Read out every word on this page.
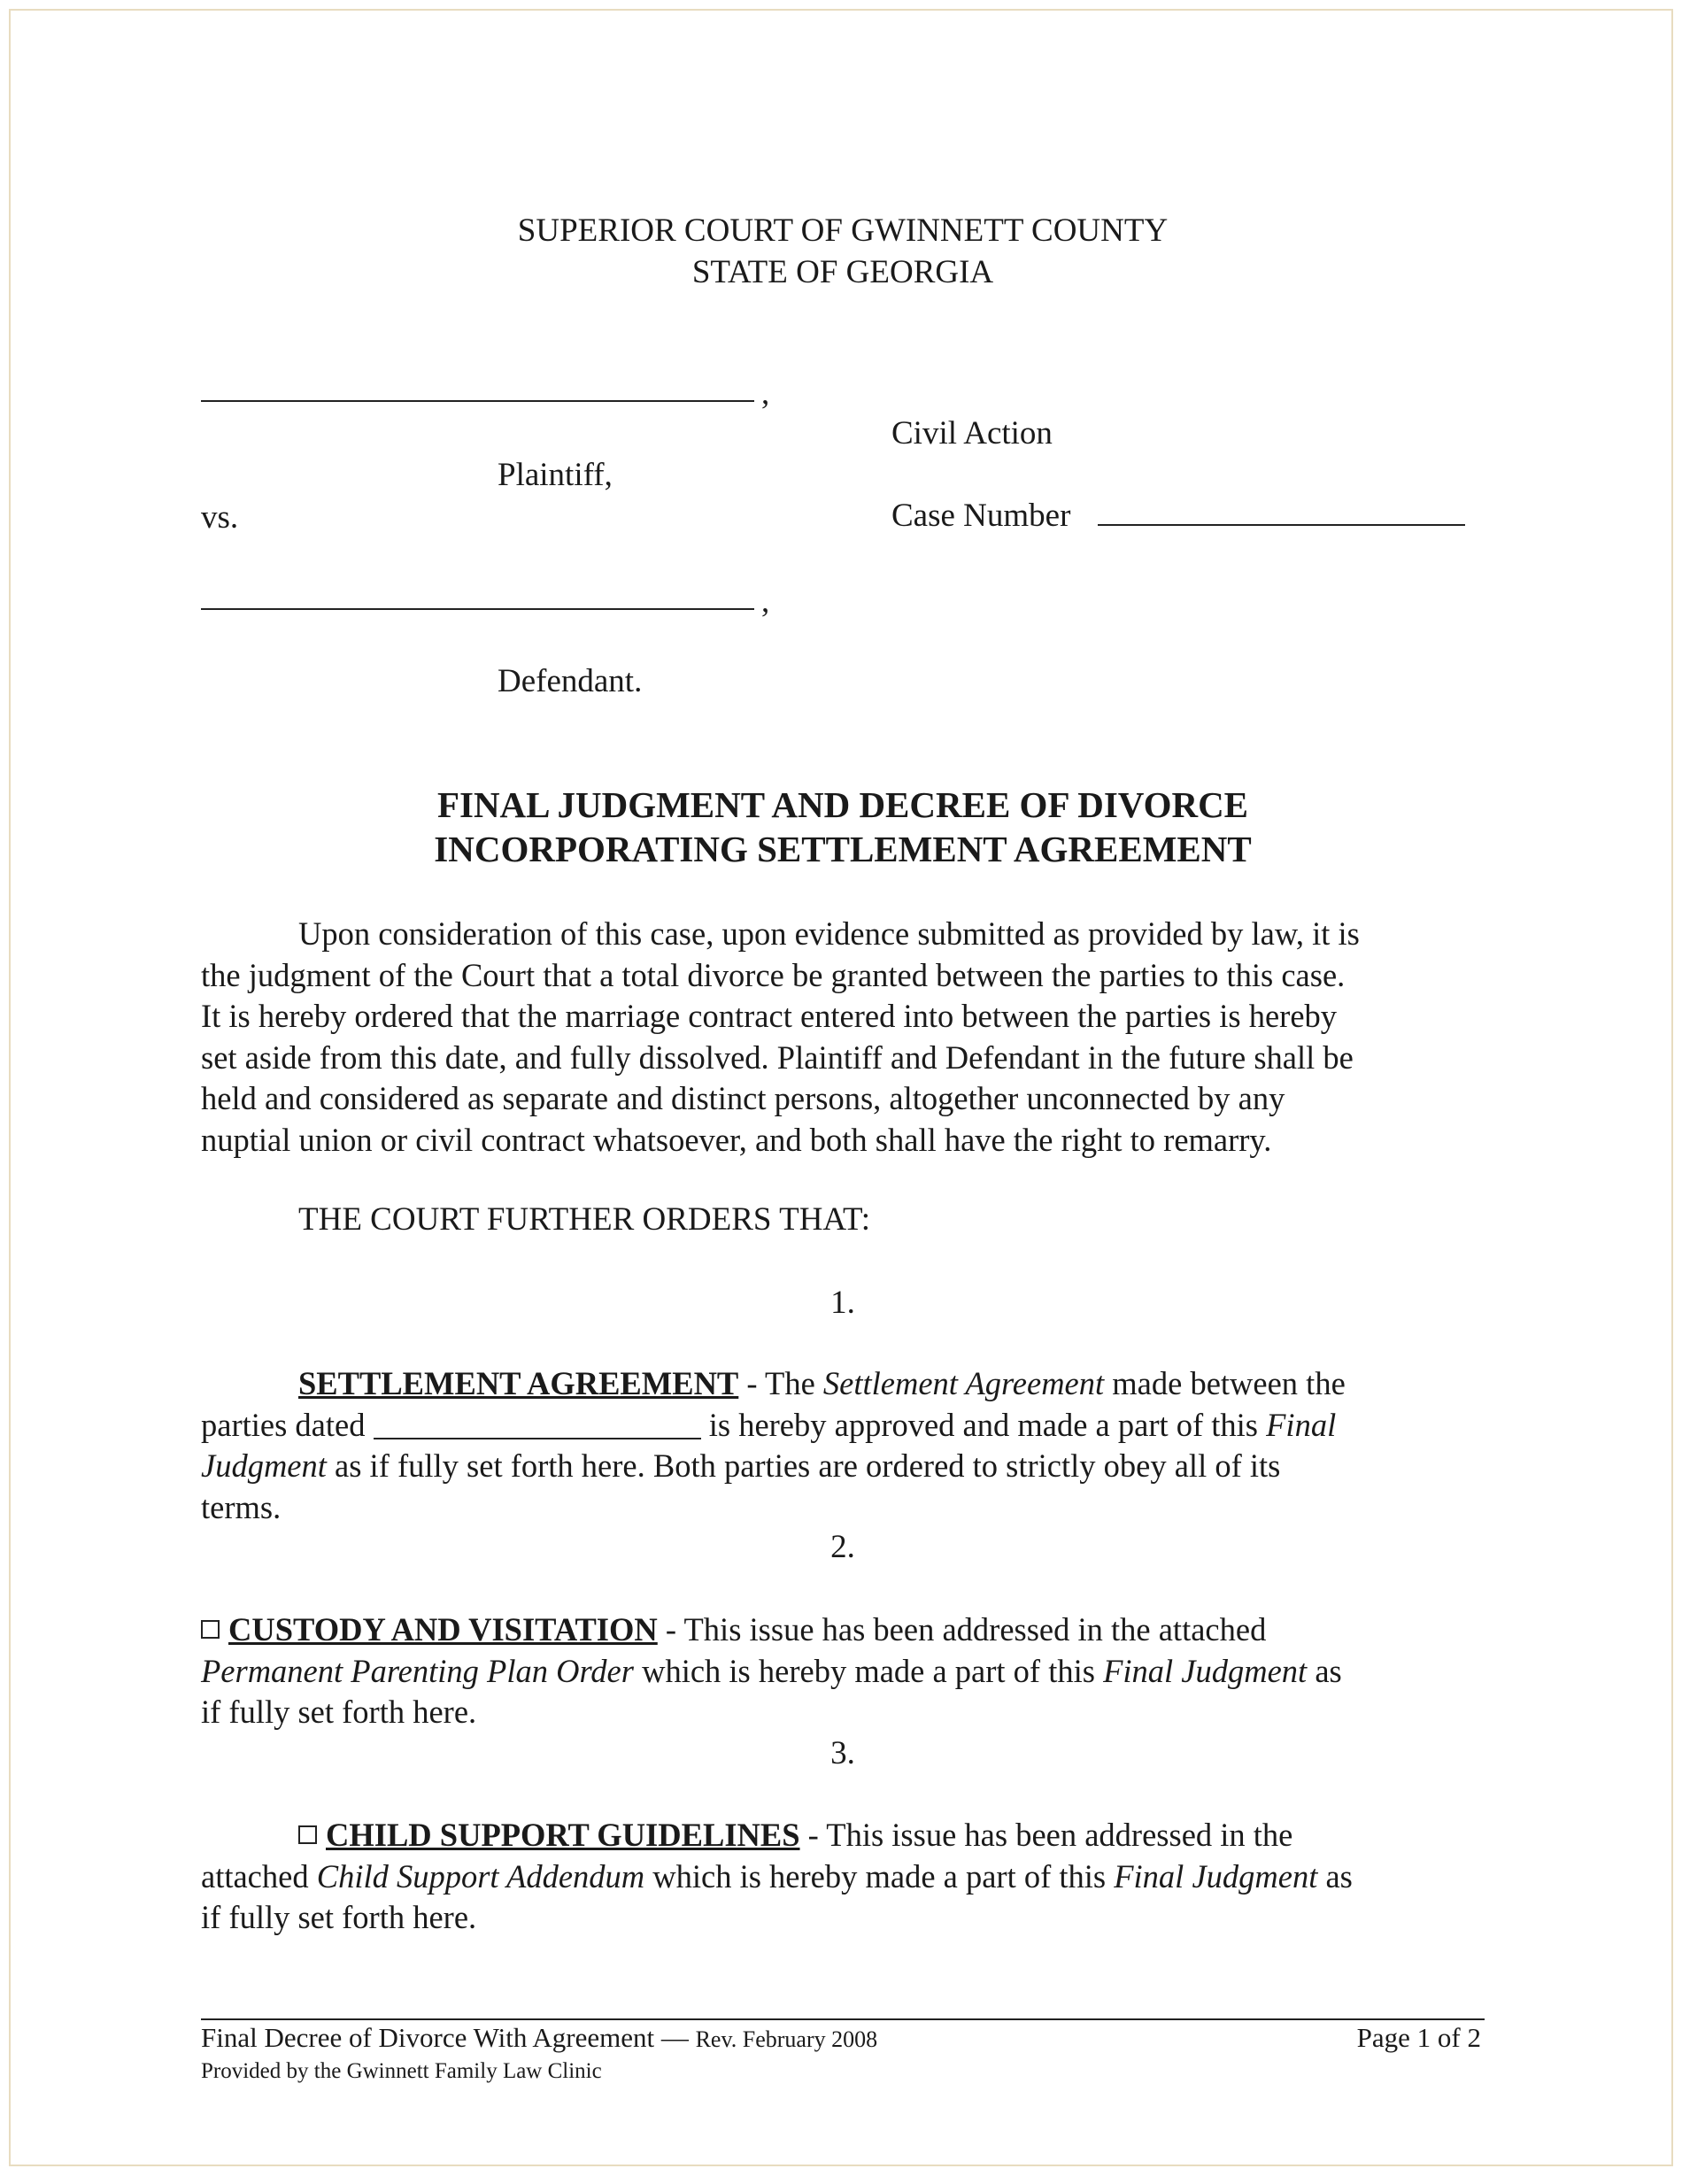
SUPERIOR COURT OF GWINNETT COUNTY
STATE OF GEORGIA
,
Plaintiff,
vs.
,
Defendant.
Civil Action
Case Number
FINAL JUDGMENT AND DECREE OF DIVORCE
INCORPORATING SETTLEMENT AGREEMENT
Upon consideration of this case, upon evidence submitted as provided by law, it is
the judgment of the Court that a total divorce be granted between the parties to this case.
It is hereby ordered that the marriage contract entered into between the parties is hereby
set aside from this date, and fully dissolved. Plaintiff and Defendant in the future shall be
held and considered as separate and distinct persons, altogether unconnected by any
nuptial union or civil contract whatsoever, and both shall have the right to remarry.
THE COURT FURTHER ORDERS THAT:
1.
SETTLEMENT AGREEMENT - The Settlement Agreement made between the
parties dated	is hereby approved and made a part of this Final
Judgment as if fully set forth here. Both parties are ordered to strictly obey all of its
terms.
2.
CUSTODY AND VISITATION - This issue has been addressed in the attached
Permanent Parenting Plan Order which is hereby made a part of this Final Judgment as
if fully set forth here.
3.
CHILD SUPPORT GUIDELINES - This issue has been addressed in the
attached Child Support Addendum which is hereby made a part of this Final Judgment as
if fully set forth here.
Final Decree of Divorce With Agreement — Rev. February 2008
Provided by the Gwinnett Family Law Clinic
Page 1 of 2
